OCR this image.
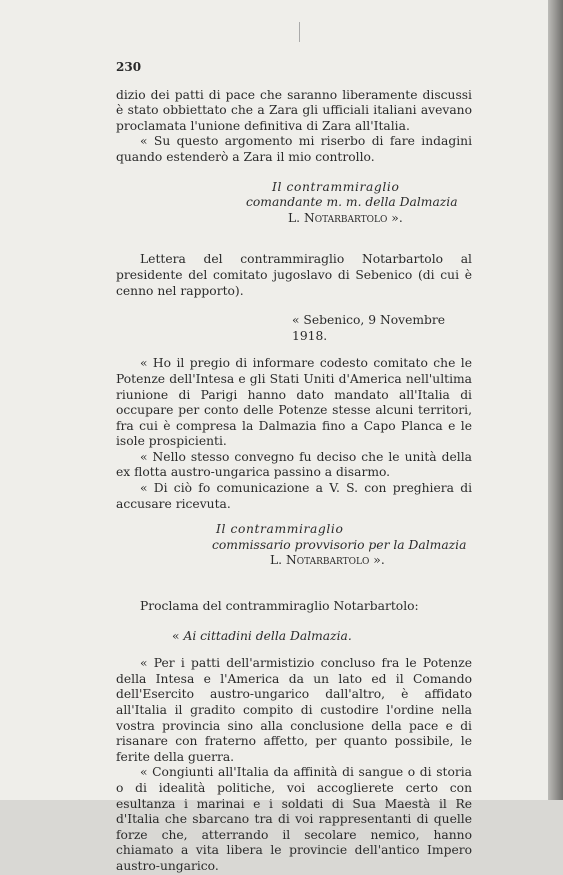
230

dizio dei patti di pace che saranno liberamente discussi è stato obbiettato che a Zara gli ufficiali italiani avevano proclamata l'unione definitiva di Zara all'Italia.

« Su questo argomento mi riserbo di fare indagini quando estenderò a Zara il mio controllo.

Il contrammiraglio
comandante m. m. della Dalmazia
L. Notarbartolo ».

Lettera del contrammiraglio Notarbartolo al presidente del comitato jugoslavo di Sebenico (di cui è cenno nel rapporto).

« Sebenico, 9 Novembre 1918.

« Ho il pregio di informare codesto comitato che le Potenze dell'Intesa e gli Stati Uniti d'America nell'ultima riunione di Parigi hanno dato mandato all'Italia di occupare per conto delle Potenze stesse alcuni territori, fra cui è compresa la Dalmazia fino a Capo Planca e le isole prospicienti.

« Nello stesso convegno fu deciso che le unità della ex flotta austro-ungarica passino a disarmo.

« Di ciò fo comunicazione a V. S. con preghiera di accusare ricevuta.

Il contrammiraglio
commissario provvisorio per la Dalmazia
L. Notarbartolo ».

Proclama del contrammiraglio Notarbartolo:

« Ai cittadini della Dalmazia.

« Per i patti dell'armistizio concluso fra le Potenze della Intesa e l'America da un lato ed il Comando dell'Esercito austro-ungarico dall'altro, è affidato all'Italia il gradito compito di custodire l'ordine nella vostra provincia sino alla conclusione della pace e di risanare con fraterno affetto, per quanto possibile, le ferite della guerra.

« Congiunti all'Italia da affinità di sangue o di storia o di idealità politiche, voi accoglierete certo con esultanza i marinai e i soldati di Sua Maestà il Re d'Italia che sbarcano tra di voi rappresentanti di quelle forze che, atterrando il secolare nemico, hanno chiamato a vita libera le provincie dell'antico Impero austro-ungarico.
